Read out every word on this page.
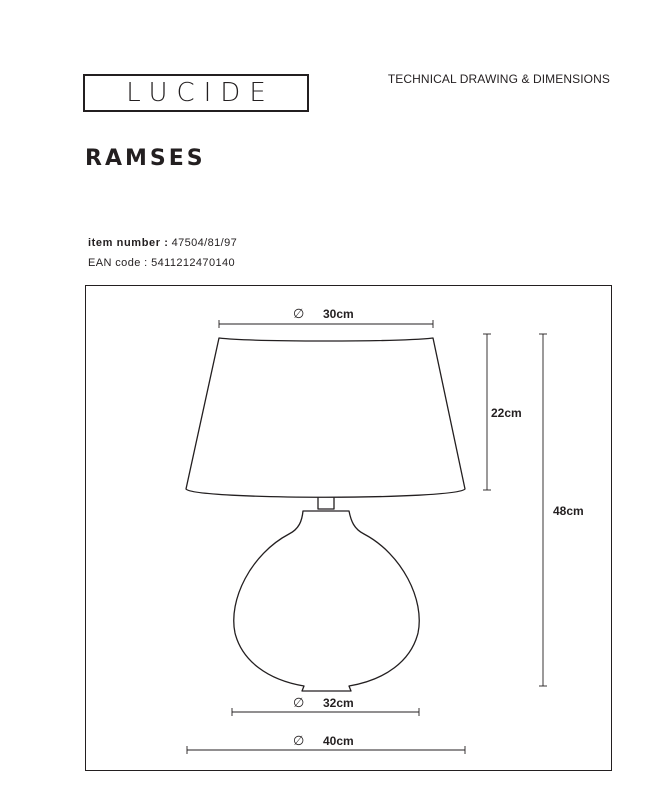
LUCIDE	TECHNICAL DRAWING & DIMENSIONS
RAMSES
item number : 47504/81/97
EAN code : 5411212470140
∅ 30cm
22cm
48cm
∅ 32cm
∅ 40cm
